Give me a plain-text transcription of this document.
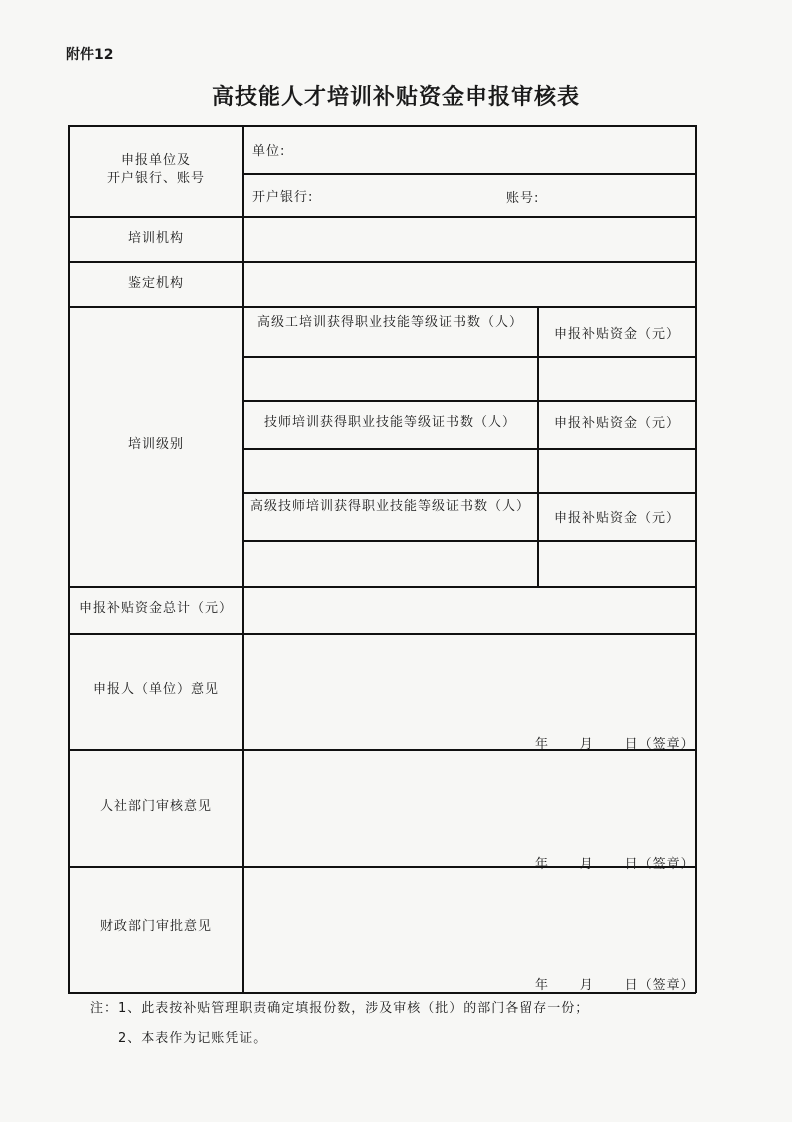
附件12
高技能人才培训补贴资金申报审核表
申报单位及
开户银行、账号
单位:
开户银行:	账号:
培训机构
鉴定机构
培训级别
高级工培训获得职业技能等级证书数（人）
申报补贴资金（元）
技师培训获得职业技能等级证书数（人）	申报补贴资金（元）
高级技师培训获得职业技能等级证书数（人）
申报补贴资金（元）
申报补贴资金总计（元）
申报人（单位）意见
年      月      日（签章）
人社部门审核意见
年      月      日（签章）
财政部门审批意见
年      月      日（签章）
注：1、此表按补贴管理职责确定填报份数，涉及审核（批）的部门各留存一份；
2、本表作为记账凭证。
